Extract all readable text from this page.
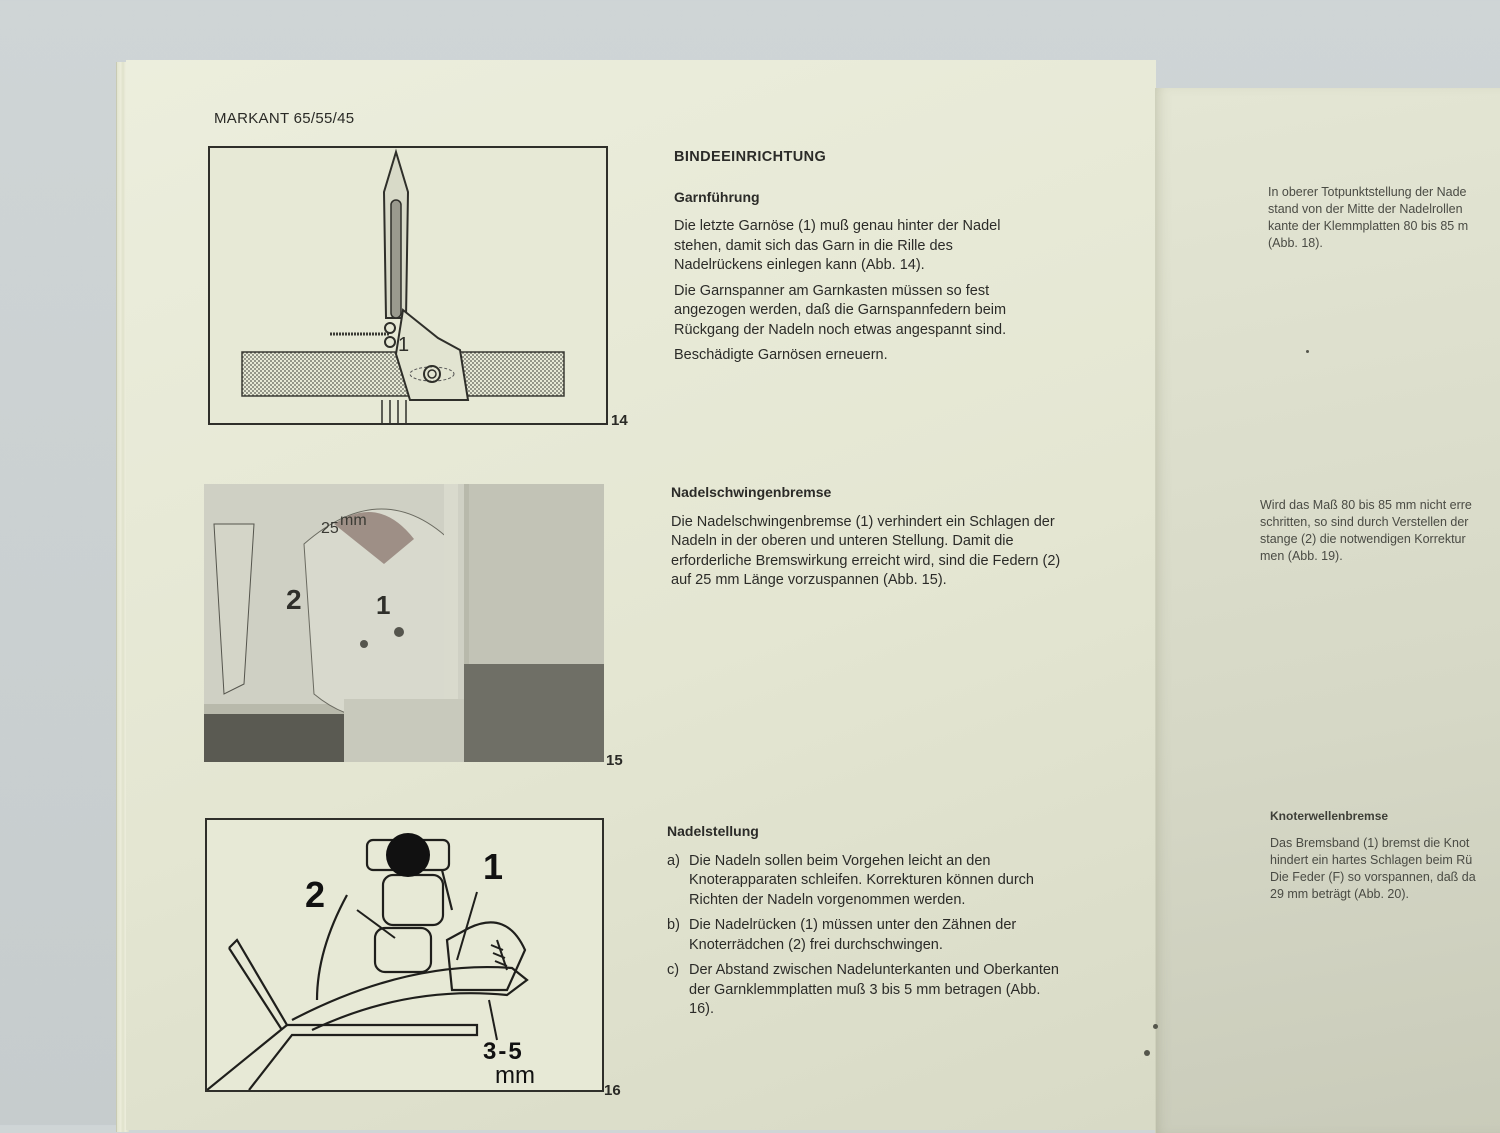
MARKANT 65/55/45
1
14
25 mm
2	1
15
1
2
3-5
mm
16
BINDEEINRICHTUNG
Garnführung

Die letzte Garnöse (1) muß genau hinter der Nadel stehen, damit sich das Garn in die Rille des Nadelrückens einlegen kann (Abb. 14).

Die Garnspanner am Garnkasten müssen so fest angezogen werden, daß die Garnspannfedern beim Rückgang der Nadeln noch etwas angespannt sind.

Beschädigte Garnösen erneuern.

Nadelschwingenbremse

Die Nadelschwingenbremse (1) verhindert ein Schlagen der Nadeln in der oberen und unteren Stellung. Damit die erforderliche Bremswirkung erreicht wird, sind die Federn (2) auf 25 mm Länge vorzuspannen (Abb. 15).

Nadelstellung
a) Die Nadeln sollen beim Vorgehen leicht an den Knoterapparaten schleifen. Korrekturen können durch Richten der Nadeln vorgenommen werden.
b) Die Nadelrücken (1) müssen unter den Zähnen der Knoterrädchen (2) frei durchschwingen.
c) Der Abstand zwischen Nadelunterkanten und Oberkanten der Garnklemmplatten muß 3 bis 5 mm betragen (Abb. 16).

In oberer Totpunktstellung der Nade

stand von der Mitte der Nadelrollen

kante der Klemmplatten 80 bis 85 m

(Abb. 18).

Wird das Maß 80 bis 85 mm nicht erre

schritten, so sind durch Verstellen der

stange (2) die notwendigen Korrektur

men (Abb. 19).

Knoterwellenbremse

Das Bremsband (1) bremst die Knot

hindert ein hartes Schlagen beim Rü

Die Feder (F) so vorspannen, daß da

29 mm beträgt (Abb. 20).
